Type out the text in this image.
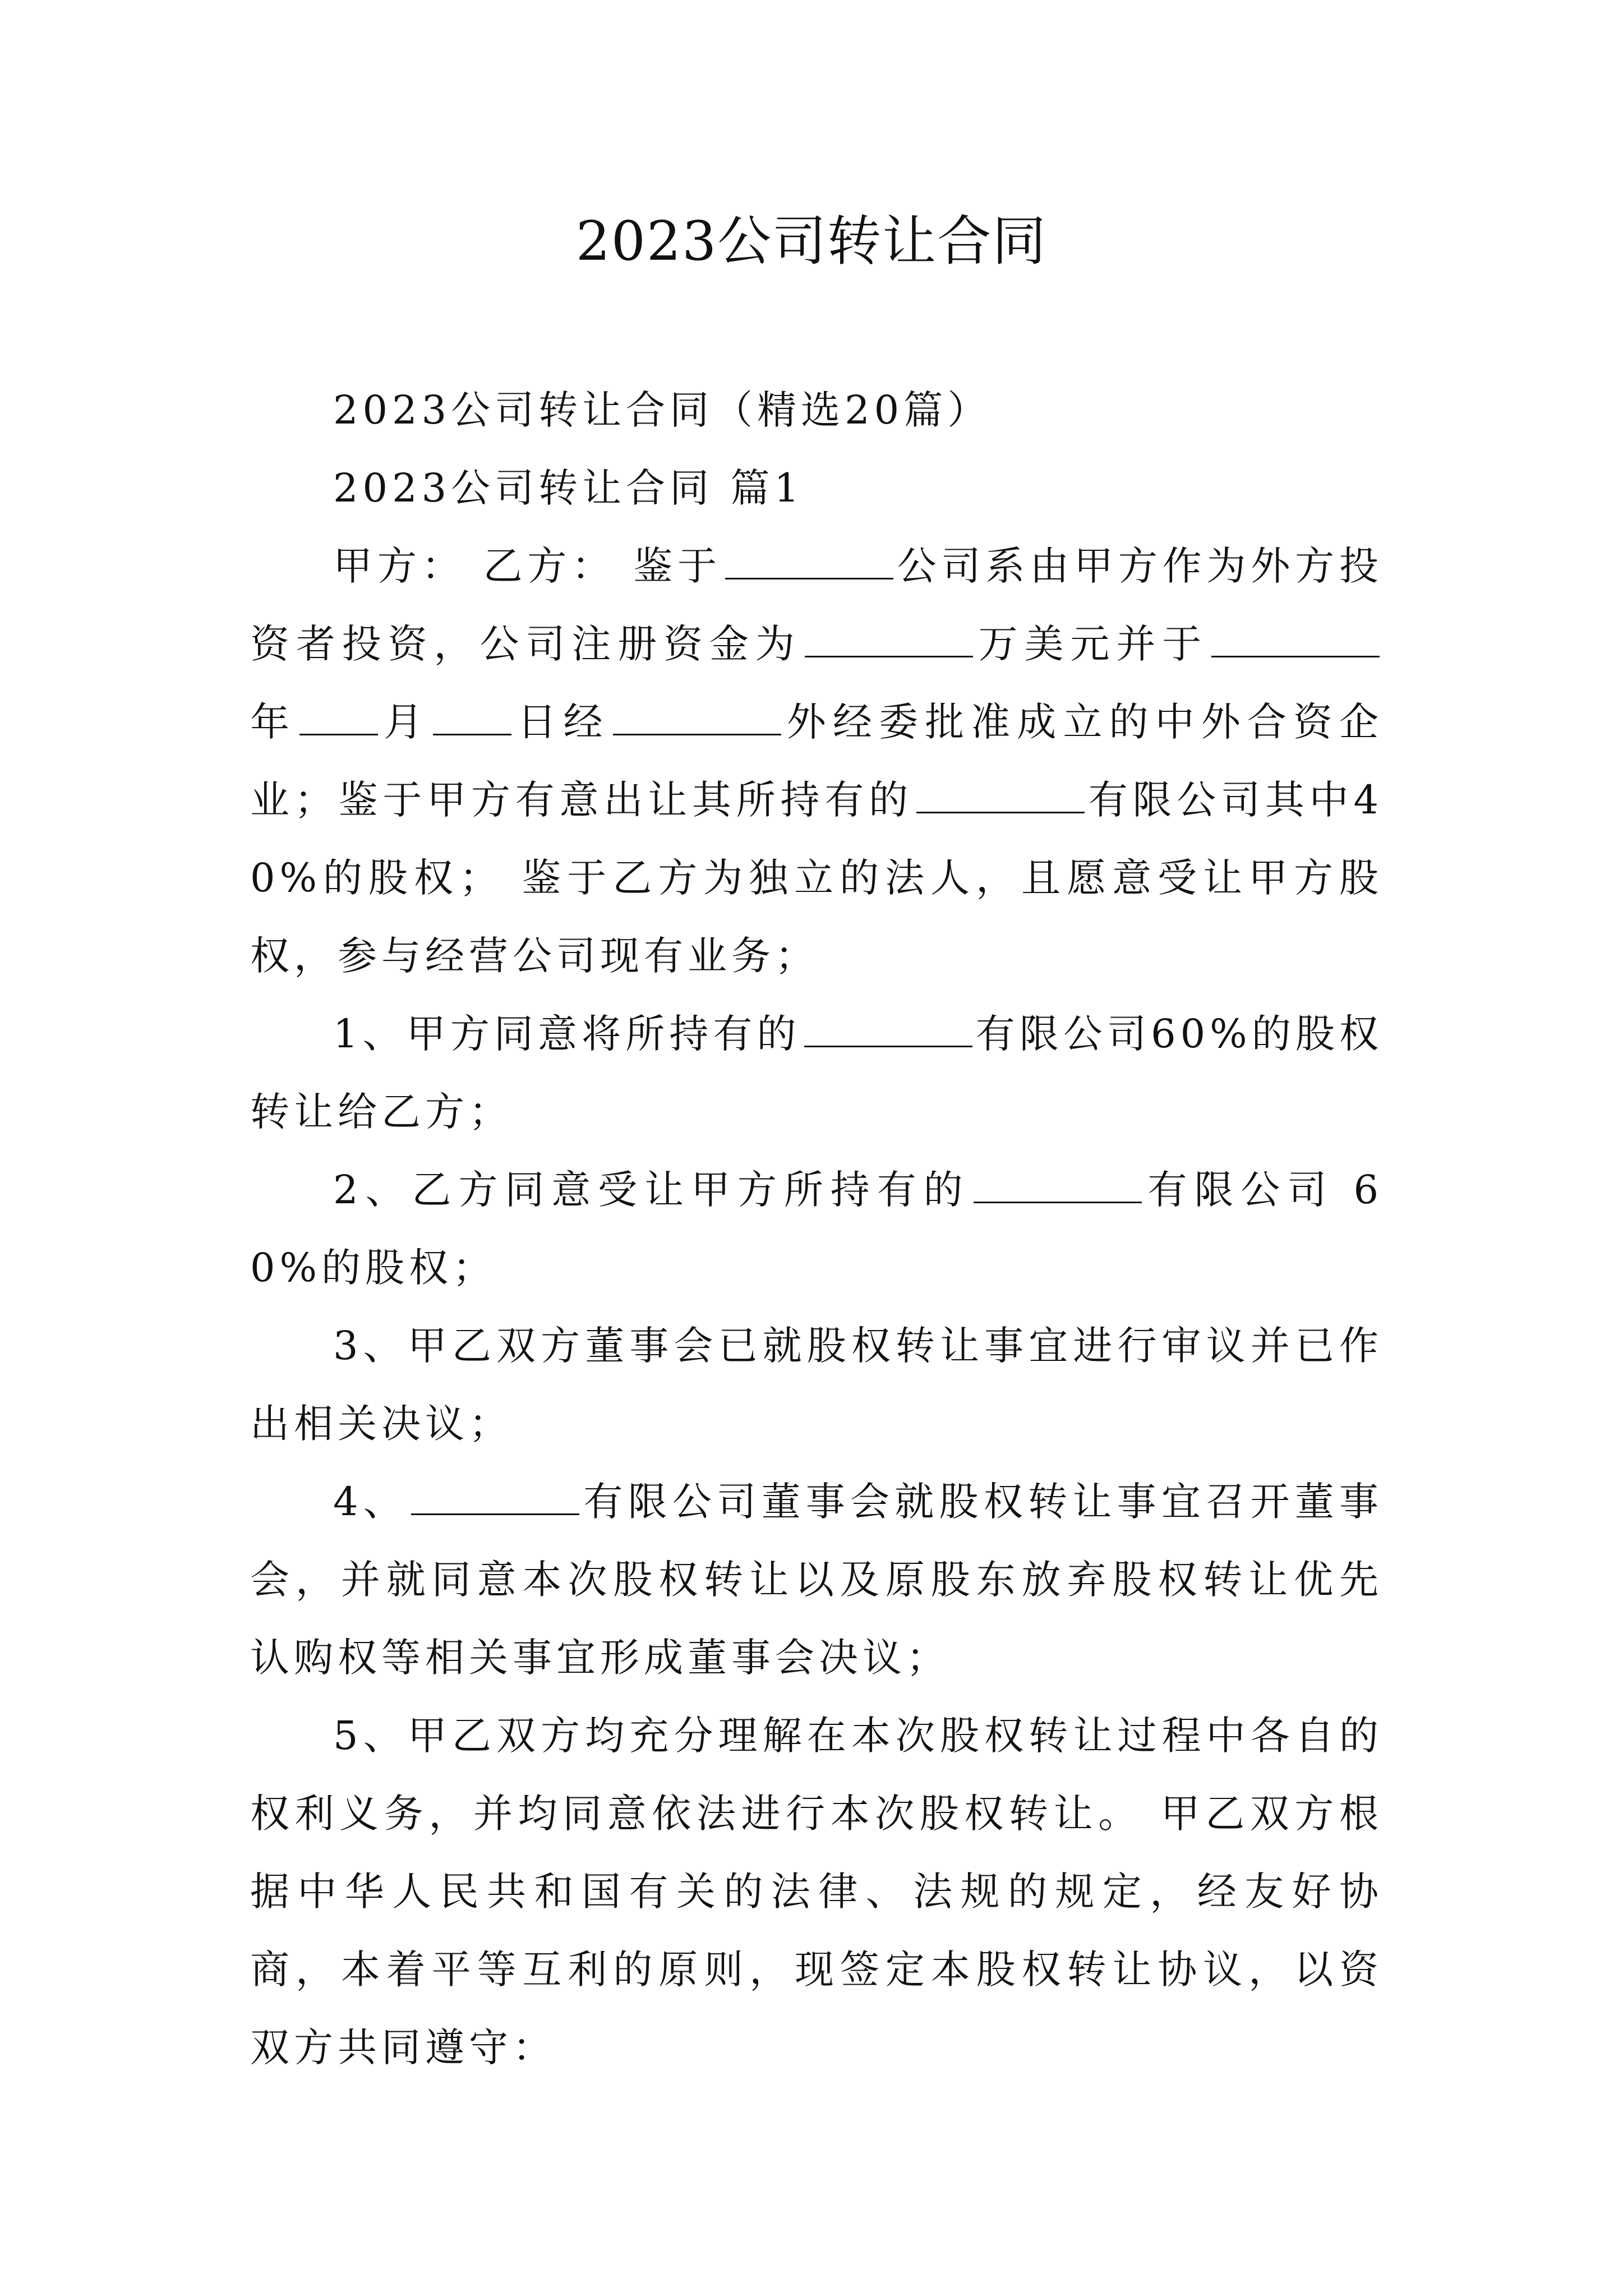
2023公司转让合同

2023公司转让合同（精选20篇）

2023公司转让合同 篇1

甲方： 乙方： 鉴于	公司系由甲方作为外方投资者投资，公司注册资金为	万美元并于年 月 日经	外经委批准成立的中外合资企业；鉴于甲方有意出让其所持有的	有限公司其中40%的股权； 鉴于乙方为独立的法人，且愿意受让甲方股权，参与经营公司现有业务；

1、甲方同意将所持有的	有限公司60%的股权转让给乙方；

2、乙方同意受让甲方所持有的	有限公司 60%的股权；

3、甲乙双方董事会已就股权转让事宜进行审议并已作出相关决议；

4、	有限公司董事会就股权转让事宜召开董事会，并就同意本次股权转让以及原股东放弃股权转让优先认购权等相关事宜形成董事会决议；

5、甲乙双方均充分理解在本次股权转让过程中各自的权利义务，并均同意依法进行本次股权转让。 甲乙双方根据中华人民共和国有关的法律、法规的规定，经友好协商，本着平等互利的原则，现签定本股权转让协议，以资双方共同遵守：
